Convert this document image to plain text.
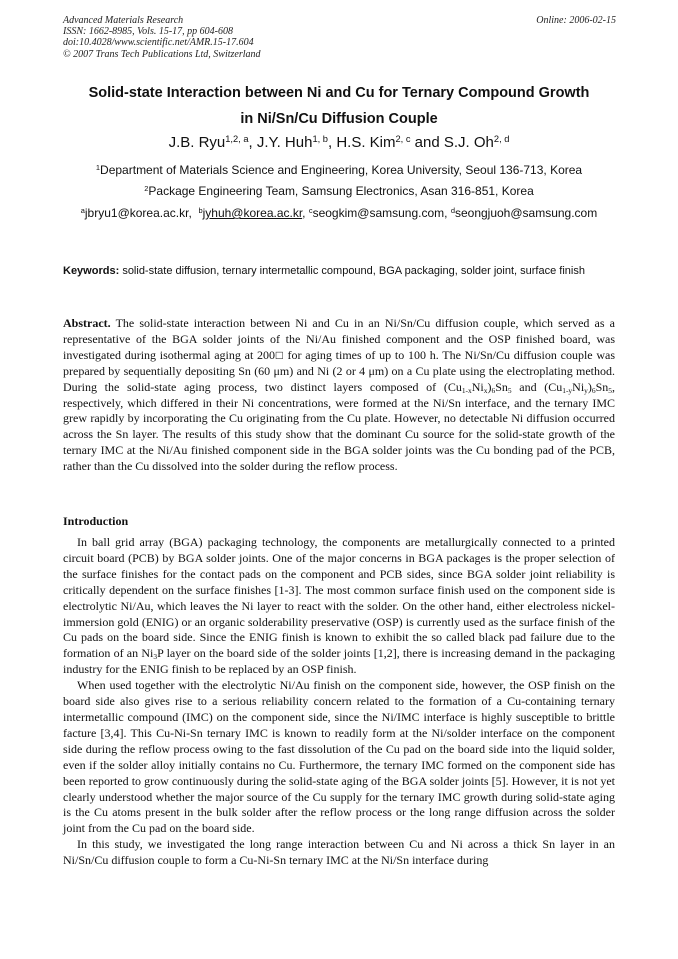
Advanced Materials Research
ISSN: 1662-8985, Vols. 15-17, pp 604-608
doi:10.4028/www.scientific.net/AMR.15-17.604
© 2007 Trans Tech Publications Ltd, Switzerland
Online: 2006-02-15
Solid-state Interaction between Ni and Cu for Ternary Compound Growth
in Ni/Sn/Cu Diffusion Couple
J.B. Ryu$^{1,2, a}$, J.Y. Huh$^{1, b}$, H.S. Kim$^{2, c}$ and S.J. Oh$^{2, d}$
$^1$Department of Materials Science and Engineering, Korea University, Seoul 136-713, Korea
$^2$Package Engineering Team, Samsung Electronics, Asan 316-851, Korea
$^a$jbryu1@korea.ac.kr, $^b$jyhuh@korea.ac.kr, $^c$seogkim@samsung.com, $^d$seongjuoh@samsung.com
Keywords: solid-state diffusion, ternary intermetallic compound, BGA packaging, solder joint, surface finish
Abstract. The solid-state interaction between Ni and Cu in an Ni/Sn/Cu diffusion couple, which served as a representative of the BGA solder joints of the Ni/Au finished component and the OSP finished board, was investigated during isothermal aging at 200□ for aging times of up to 100 h. The Ni/Sn/Cu diffusion couple was prepared by sequentially depositing Sn (60 μm) and Ni (2 or 4 μm) on a Cu plate using the electroplating method. During the solid-state aging process, two distinct layers composed of $(Cu_{1-x}Ni_x)_6Sn_5$ and $(Cu_{1-y}Ni_y)_6Sn_5$, respectively, which differed in their Ni concentrations, were formed at the Ni/Sn interface, and the ternary IMC grew rapidly by incorporating the Cu originating from the Cu plate. However, no detectable Ni diffusion occurred across the Sn layer. The results of this study show that the dominant Cu source for the solid-state growth of the ternary IMC at the Ni/Au finished component side in the BGA solder joints was the Cu bonding pad of the PCB, rather than the Cu dissolved into the solder during the reflow process.
Introduction

In ball grid array (BGA) packaging technology, the components are metallurgically connected to a printed circuit board (PCB) by BGA solder joints. One of the major concerns in BGA packages is the proper selection of the surface finishes for the contact pads on the component and PCB sides, since BGA solder joint reliability is critically dependent on the surface finishes [1-3]. The most common surface finish used on the component side is electrolytic Ni/Au, which leaves the Ni layer to react with the solder. On the other hand, either electroless nickel-immersion gold (ENIG) or an organic solderability preservative (OSP) is currently used as the surface finish of the Cu pads on the board side. Since the ENIG finish is known to exhibit the so called black pad failure due to the formation of an $Ni_3P$ layer on the board side of the solder joints [1,2], there is increasing demand in the packaging industry for the ENIG finish to be replaced by an OSP finish.

When used together with the electrolytic Ni/Au finish on the component side, however, the OSP finish on the board side also gives rise to a serious reliability concern related to the formation of a Cu-containing ternary intermetallic compound (IMC) on the component side, since the Ni/IMC interface is highly susceptible to brittle facture [3,4]. This Cu-Ni-Sn ternary IMC is known to readily form at the Ni/solder interface on the component side during the reflow process owing to the fast dissolution of the Cu pad on the board side into the liquid solder, even if the solder alloy initially contains no Cu. Furthermore, the ternary IMC formed on the component side has been reported to grow continuously during the solid-state aging of the BGA solder joints [5]. However, it is not yet clearly understood whether the major source of the Cu supply for the ternary IMC growth during solid-state aging is the Cu atoms present in the bulk solder after the reflow process or the long range diffusion across the solder joint from the Cu pad on the board side.

In this study, we investigated the long range interaction between Cu and Ni across a thick Sn layer in an Ni/Sn/Cu diffusion couple to form a Cu-Ni-Sn ternary IMC at the Ni/Sn interface during
